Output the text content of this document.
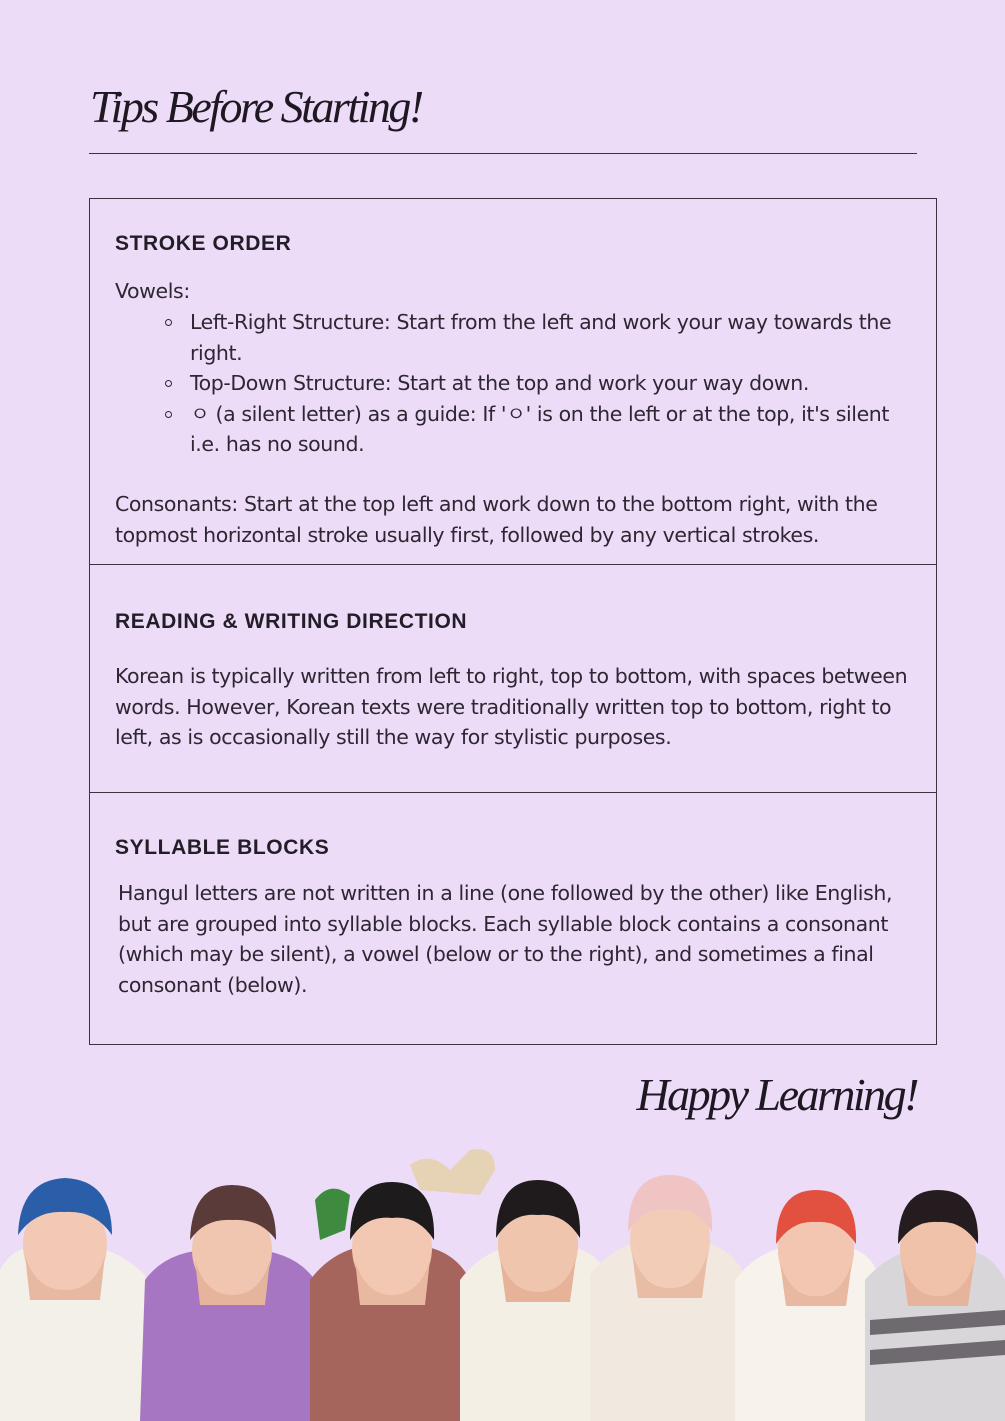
Tips Before Starting!
STROKE ORDER

Vowels:

Left-Right Structure: Start from the left and work your way towards the right.
Top-Down Structure: Start at the top and work your way down.
ㅇ (a silent letter) as a guide: If 'ㅇ' is on the left or at the top, it's silent i.e. has no sound.

Consonants: Start at the top left and work down to the bottom right, with the topmost horizontal stroke usually first, followed by any vertical strokes.

READING & WRITING DIRECTION

Korean is typically written from left to right, top to bottom, with spaces between words. However, Korean texts were traditionally written top to bottom, right to left, as is occasionally still the way for stylistic purposes.

SYLLABLE BLOCKS

Hangul letters are not written in a line (one followed by the other) like English, but are grouped into syllable blocks. Each syllable block contains a consonant (which may be silent), a vowel (below or to the right), and sometimes a final consonant (below).

Happy Learning!
